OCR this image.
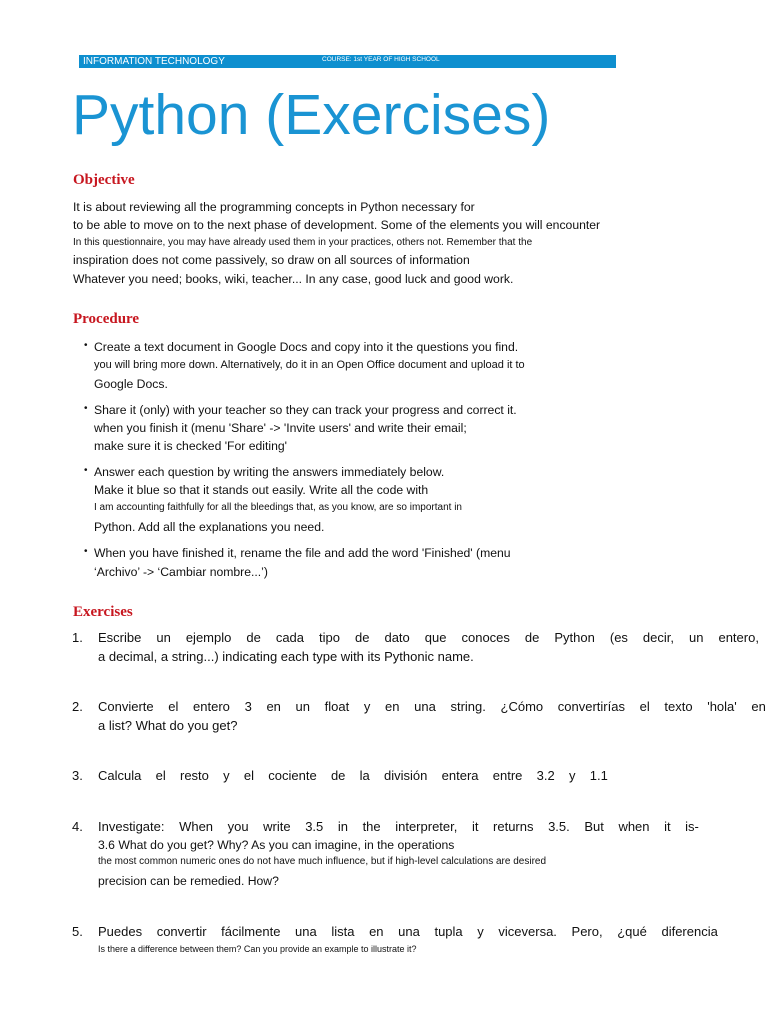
INFORMATION TECHNOLOGY	COURSE: 1st YEAR OF HIGH SCHOOL
Python (Exercises)
Objective
It is about reviewing all the programming concepts in Python necessary for
to be able to move on to the next phase of development. Some of the elements you will encounter
In this questionnaire, you may have already used them in your practices, others not. Remember that the
inspiration does not come passively, so draw on all sources of information
Whatever you need; books, wiki, teacher... In any case, good luck and good work.
Procedure
• Create a text document in Google Docs and copy into it the questions you find.
you will bring more down. Alternatively, do it in an Open Office document and upload it to
Google Docs.
• Share it (only) with your teacher so they can track your progress and correct it.
when you finish it (menu 'Share' -> 'Invite users' and write their email;
make sure it is checked 'For editing'
• Answer each question by writing the answers immediately below.
Make it blue so that it stands out easily. Write all the code with
I am accounting faithfully for all the bleedings that, as you know, are so important in
Python. Add all the explanations you need.
• When you have finished it, rename the file and add the word 'Finished' (menu
‘Archivo’ -> ‘Cambiar nombre...’)
Exercises
1. Escribe un ejemplo de cada tipo de dato que conoces de Python (es decir, un entero,
a decimal, a string...) indicating each type with its Pythonic name.
2. Convierte el entero 3 en un float y en una string. ¿Cómo convertirías el texto 'hola' en
a list? What do you get?
3. Calcula el resto y el cociente de la división entera entre 3.2 y 1.1
4. Investigate: When you write 3.5 in the interpreter, it returns 3.5. But when it is-
3.6 What do you get? Why? As you can imagine, in the operations
the most common numeric ones do not have much influence, but if high-level calculations are desired
precision can be remedied. How?
5. Puedes convertir fácilmente una lista en una tupla y viceversa. Pero, ¿qué diferencia
Is there a difference between them? Can you provide an example to illustrate it?
